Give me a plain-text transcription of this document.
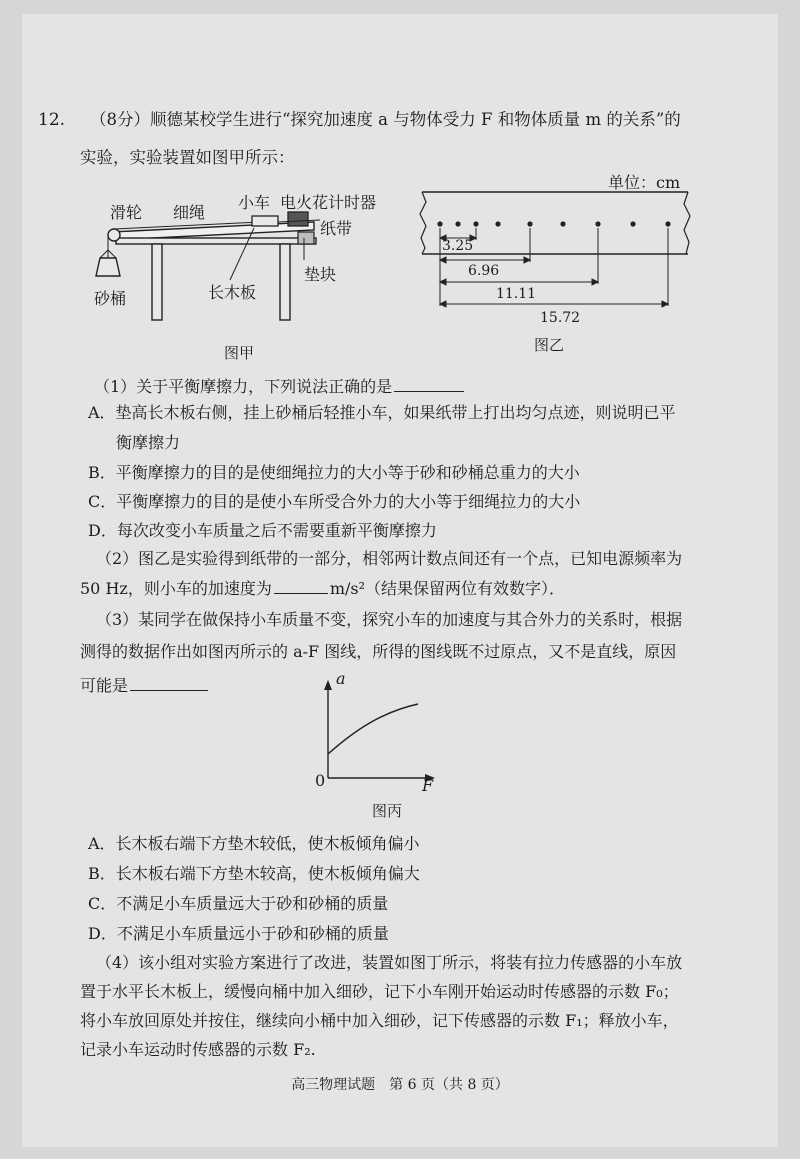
12. （8分）顺德某校学生进行“探究加速度 a 与物体受力 F 和物体质量 m 的关系”的
实验，实验装置如图甲所示：
滑轮 细绳
小车 电火花计时器
纸带
砂桶	长木板
垫块
图甲
单位：cm
3.25
6.96
11.11
15.72
图乙
（1）关于平衡摩擦力，下列说法正确的是
A．垫高长木板右侧，挂上砂桶后轻推小车，如果纸带上打出均匀点迹，则说明已平
衡摩擦力
B．平衡摩擦力的目的是使细绳拉力的大小等于砂和砂桶总重力的大小
C．平衡摩擦力的目的是使小车所受合外力的大小等于细绳拉力的大小
D．每次改变小车质量之后不需要重新平衡摩擦力
（2）图乙是实验得到纸带的一部分，相邻两计数点间还有一个点，已知电源频率为
50 Hz，则小车的加速度为	m/s²（结果保留两位有效数字）．
（3）某同学在做保持小车质量不变，探究小车的加速度与其合外力的关系时，根据
测得的数据作出如图丙所示的 a-F 图线，所得的图线既不过原点，又不是直线，原因
可能是	a
F
0
图丙
A．长木板右端下方垫木较低，使木板倾角偏小
B．长木板右端下方垫木较高，使木板倾角偏大
C．不满足小车质量远大于砂和砂桶的质量
D．不满足小车质量远小于砂和砂桶的质量
（4）该小组对实验方案进行了改进，装置如图丁所示，将装有拉力传感器的小车放
置于水平长木板上，缓慢向桶中加入细砂，记下小车刚开始运动时传感器的示数 F₀；
将小车放回原处并按住，继续向小桶中加入细砂，记下传感器的示数 F₁；释放小车，
记录小车运动时传感器的示数 F₂.
高三物理试题　第 6 页（共 8 页）
